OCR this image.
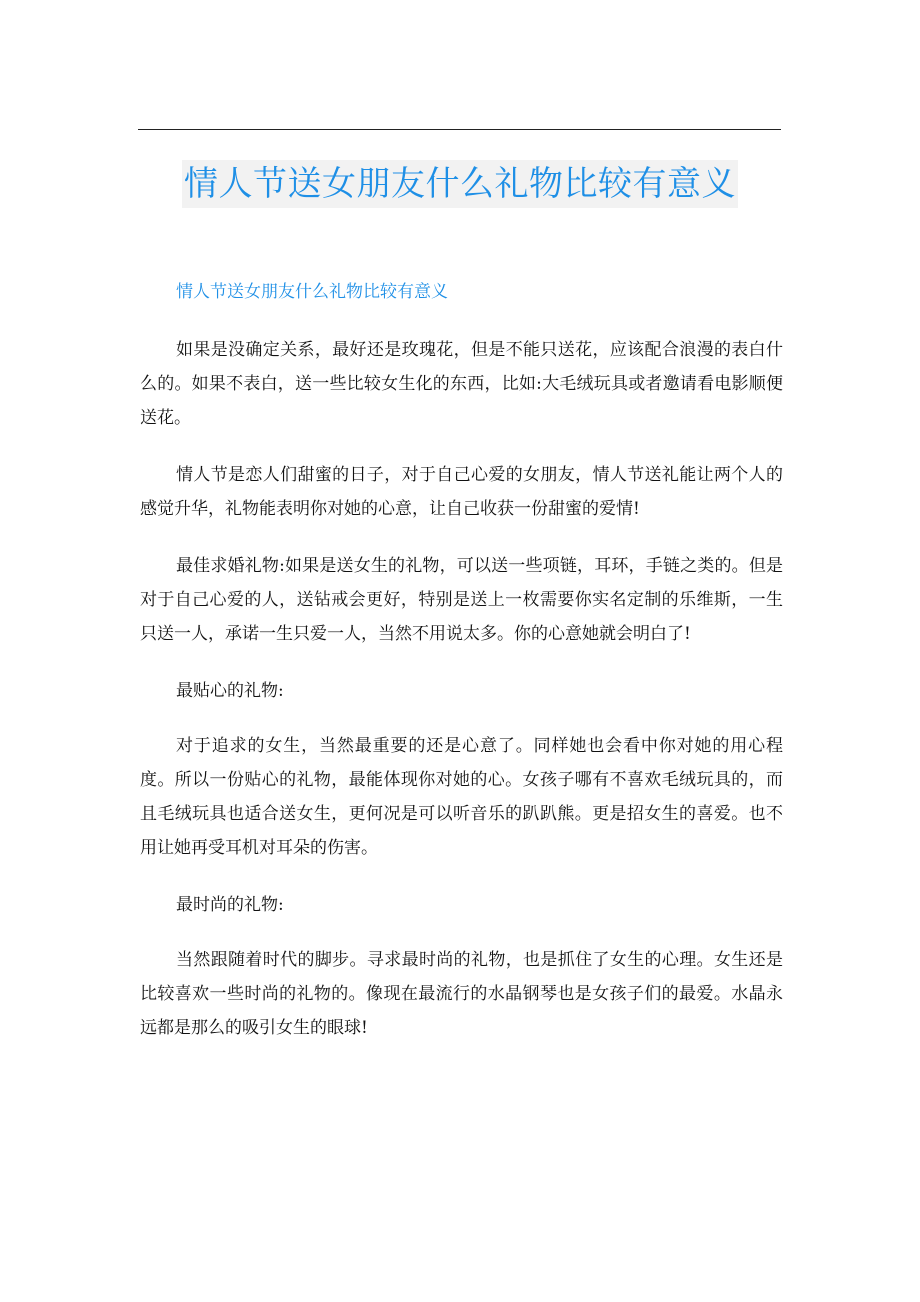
情人节送女朋友什么礼物比较有意义

情人节送女朋友什么礼物比较有意义

如果是没确定关系，最好还是玫瑰花，但是不能只送花，应该配合浪漫的表白什么的。如果不表白，送一些比较女生化的东西，比如:大毛绒玩具或者邀请看电影顺便送花。

情人节是恋人们甜蜜的日子，对于自己心爱的女朋友，情人节送礼能让两个人的感觉升华，礼物能表明你对她的心意，让自己收获一份甜蜜的爱情!

最佳求婚礼物:如果是送女生的礼物，可以送一些项链，耳环，手链之类的。但是对于自己心爱的人，送钻戒会更好，特别是送上一枚需要你实名定制的乐维斯，一生只送一人，承诺一生只爱一人，当然不用说太多。你的心意她就会明白了!

最贴心的礼物:

对于追求的女生，当然最重要的还是心意了。同样她也会看中你对她的用心程度。所以一份贴心的礼物，最能体现你对她的心。女孩子哪有不喜欢毛绒玩具的，而且毛绒玩具也适合送女生，更何况是可以听音乐的趴趴熊。更是招女生的喜爱。也不用让她再受耳机对耳朵的伤害。

最时尚的礼物:

当然跟随着时代的脚步。寻求最时尚的礼物，也是抓住了女生的心理。女生还是比较喜欢一些时尚的礼物的。像现在最流行的水晶钢琴也是女孩子们的最爱。水晶永远都是那么的吸引女生的眼球!
